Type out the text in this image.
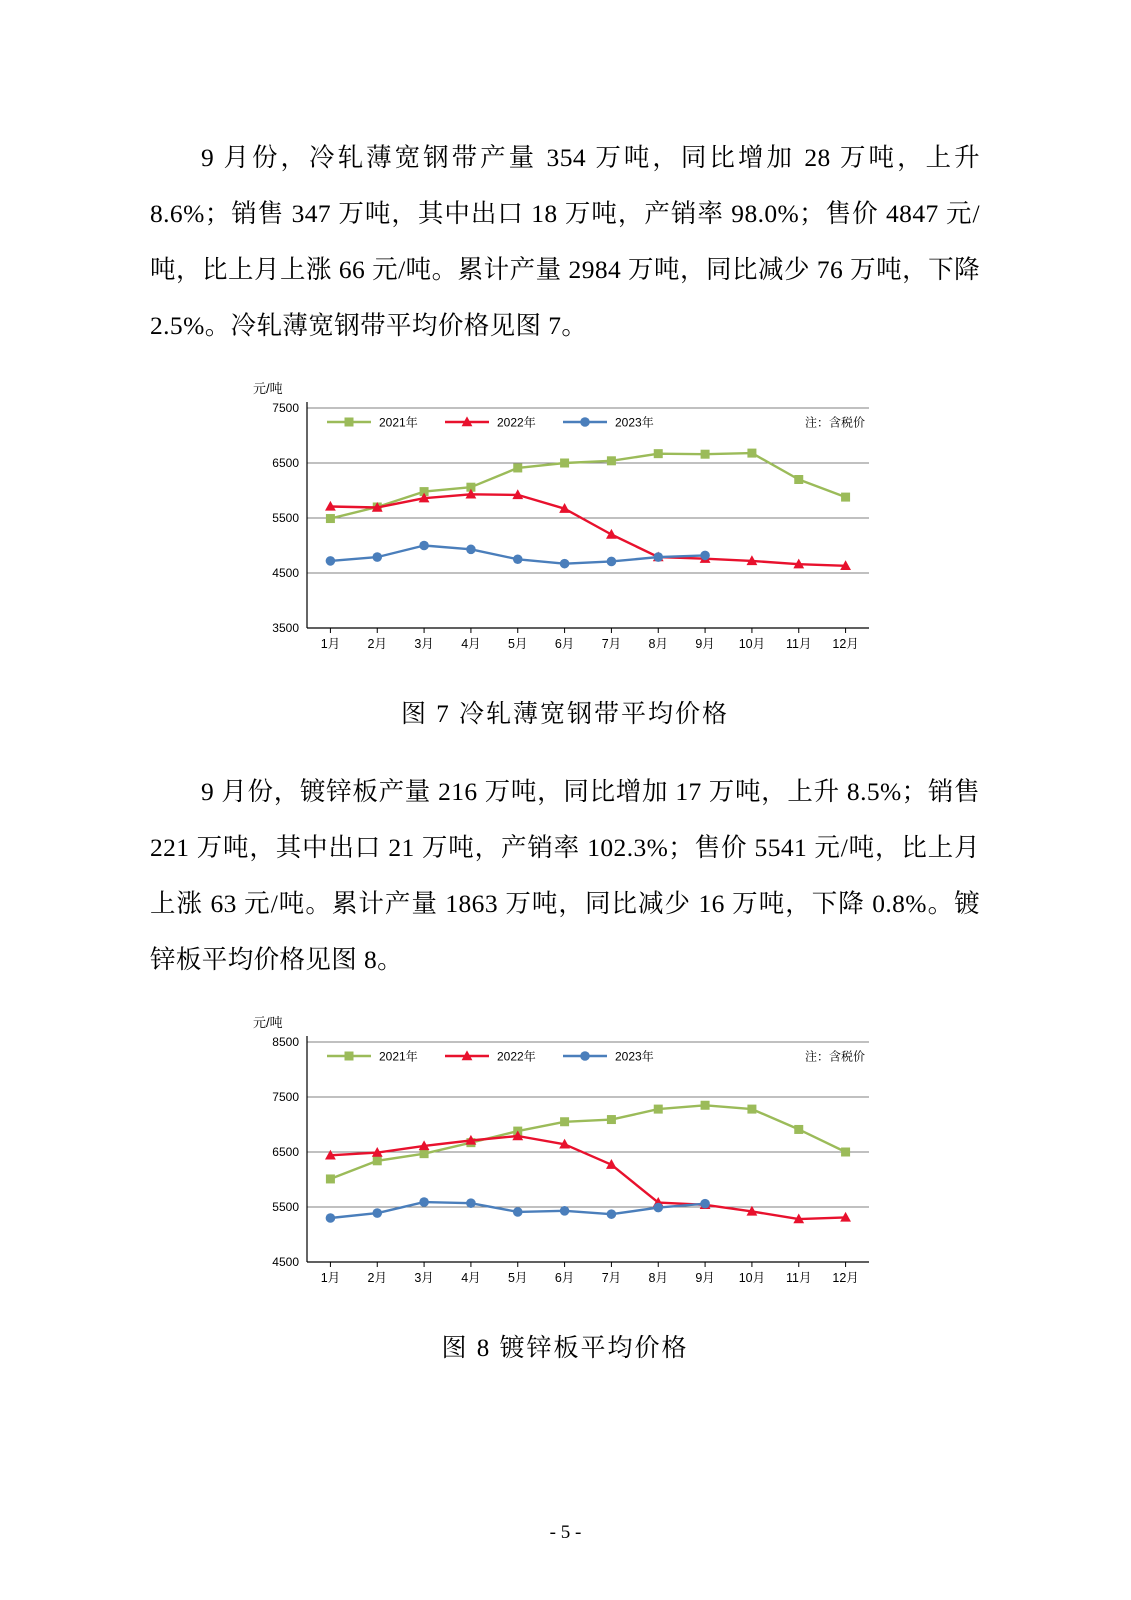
9 月份，冷轧薄宽钢带产量 354 万吨，同比增加 28 万吨，上升 8.6%；销售 347 万吨，其中出口 18 万吨，产销率 98.0%；售价 4847 元/吨，比上月上涨 66 元/吨。累计产量 2984 万吨，同比减少 76 万吨，下降 2.5%。冷轧薄宽钢带平均价格见图 7。

元/吨
3500
4500
5500
6500
7500
1月 2月 3月 4月 5月 6月 7月 8月 9月 10月 11月 12月
2021年	2022年	2023年	注：含税价
图 7 冷轧薄宽钢带平均价格

9 月份，镀锌板产量 216 万吨，同比增加 17 万吨，上升 8.5%；销售 221 万吨，其中出口 21 万吨，产销率 102.3%；售价 5541 元/吨，比上月上涨 63 元/吨。累计产量 1863 万吨，同比减少 16 万吨，下降 0.8%。镀锌板平均价格见图 8。

元/吨
4500
5500
6500
7500
8500
1月 2月 3月 4月 5月 6月 7月 8月 9月 10月 11月 12月
2021年	2022年	2023年	注：含税价
图 8 镀锌板平均价格
- 5 -
